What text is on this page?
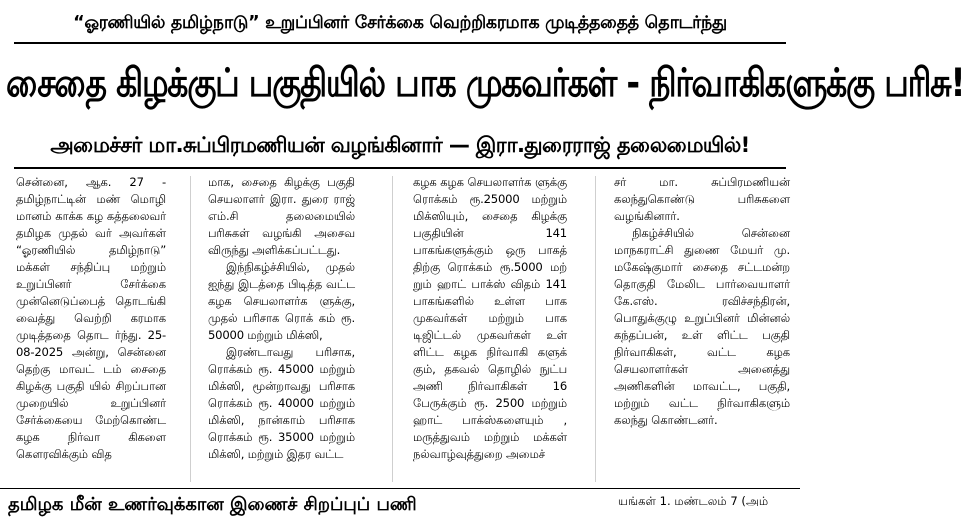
“ஓரணியில் தமிழ்நாடு” உறுப்பினர் சேர்க்கை வெற்றிகரமாக முடித்ததைத் தொடர்ந்து
சைதை கிழக்குப் பகுதியில் பாக முகவர்கள் - நிர்வாகிகளுக்கு பரிசு!
அமைச்சர் மா.சுப்பிரமணியன் வழங்கினார் — இரா.துரைராஜ் தலைமையில்!

சென்னை, ஆக. 27 - தமிழ்நாட்டின் மண் மொழி மானம் காக்க கழ கத்தலைவர் தமிழக முதல் வர் அவர்கள் “ஓரணியில் தமிழ்நாடு” மக்கள் சந்திப்பு மற்றும் உறுப்பினர் சேர்க்கை முன்னெடுப்பைத் தொடங்கி வைத்து வெற்றி கரமாக முடித்ததை தொட ர்ந்து. 25-08-2025 அன்று, சென்னை தெற்கு மாவட் டம் சைதை கிழக்கு பகுதி யில் சிறப்பான முறையில் உறுப்பினர் சேர்க்கையை மேற்கொண்ட கழக நிர்வா கிகளை கௌரவிக்கும் வித

மாக, சைதை கிழக்கு பகுதி செயலாளர் இரா. துரை ராஜ் எம்.சி தலைமையில் பரிசுகள் வழங்கி அசைவ விருந்து அளிக்கப்பட்டது.

இந்நிகழ்ச்சியில், முதல் ஐந்து இடத்தை பிடித்த வட்ட கழக செயலாளர்க ளுக்கு, முதல் பரிசாக ரொக் கம் ரூ. 50000 மற்றும் மிக்ஸி,

இரண்டாவது பரிசாக, ரொக்கம் ரூ. 45000 மற்றும் மிக்ஸி, மூன்றாவது பரிசாக ரொக்கம் ரூ. 40000 மற்றும் மிக்ஸி, நான்காம் பரிசாக ரொக்கம் ரூ. 35000 மற்றும் மிக்ஸி, மற்றும் இதர வட்ட

கழக கழக செயலாளர்க ளுக்கு ரொக்கம் ரூ.25000 மற்றும் மிக்ஸியும், சைதை கிழக்கு பகுதியின் 141 பாகங்களுக்கும் ஒரு பாகத் திற்கு ரொக்கம் ரூ.5000 மற் றும் ஹாட் பாக்ஸ் விதம் 141 பாகங்களில் உள்ள பாக முகவர்கள் மற்றும் பாக டிஜிட்டல் முகவர்கள் உள் ளிட்ட கழக நிர்வாகி களுக் கும், தகவல் தொழில் நுட்ப அணி நிர்வாகிகள் 16 பேருக்கும் ரூ. 2500 மற்றும் ஹாட் பாக்ஸ்களையும் , மருத்துவம் மற்றும் மக்கள் நல்வாழ்வுத்துறை அமைச்

சர் மா. சுப்பிரமணியன் கலந்துகொண்டு பரிசுகளை வழங்கினார்.

நிகழ்ச்சியில் சென்னை மாநகராட்சி துணை மேயர் மு. மகேஷ்குமார் சைதை சட்டமன்ற தொகுதி மேலிட பார்வையாளர் கே.எஸ். ரவிச்சந்திரன், பொதுக்குழு உறுப்பினர் மின்னல் கந்தப்பன், உள் ளிட்ட பகுதி நிர்வாகிகள், வட்ட கழக செயலாளர்கள் அனைத்து அணிகளின் மாவட்ட, பகுதி, மற்றும் வட்ட நிர்வாகிகளும் கலந்து கொண்டனர்.

தமிழக மீன் உணர்வுக்கான இணைச் சிறப்புப் பணி	யங்கள் 1. மண்டலம் 7 (அம்
